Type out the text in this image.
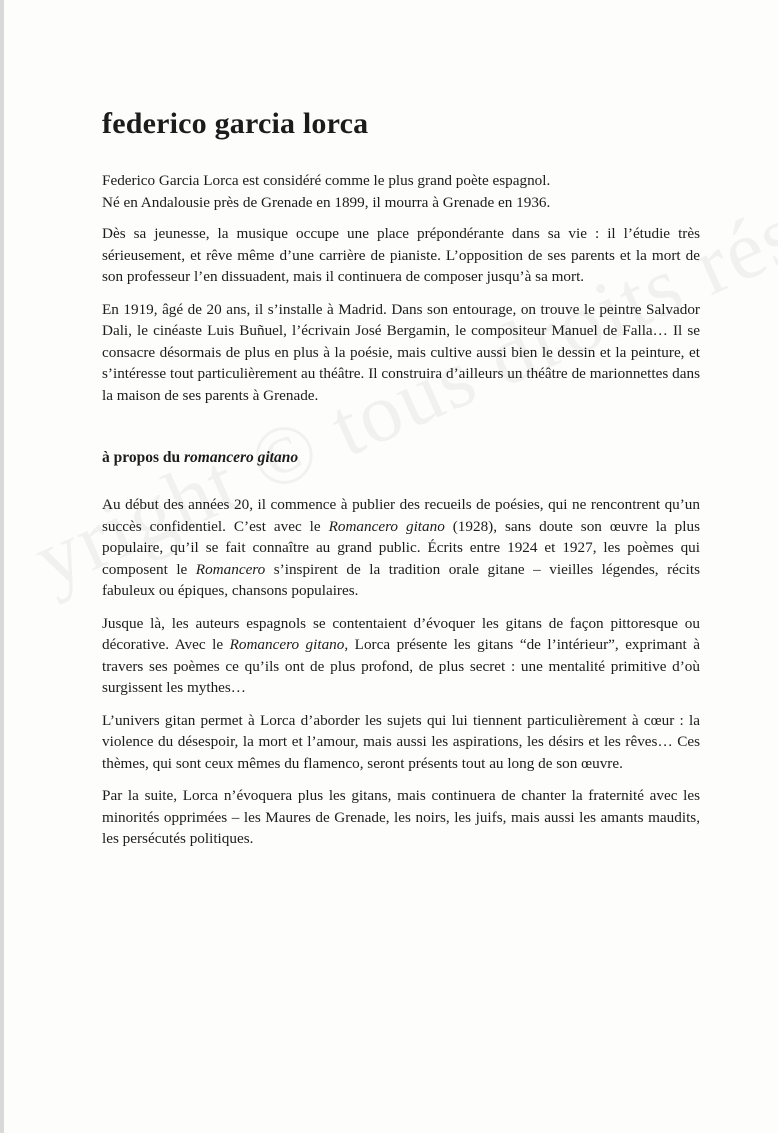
federico garcia lorca

Federico Garcia Lorca est considéré comme le plus grand poète espagnol.
Né en Andalousie près de Grenade en 1899, il mourra à Grenade en 1936.

Dès sa jeunesse, la musique occupe une place prépondérante dans sa vie : il l’étudie très sérieusement, et rêve même d’une carrière de pianiste. L’opposition de ses parents et la mort de son professeur l’en dissuadent, mais il continuera de composer jusqu’à sa mort.

En 1919, âgé de 20 ans, il s’installe à Madrid. Dans son entourage, on trouve le peintre Salvador Dali, le cinéaste Luis Buñuel, l’écrivain José Bergamin, le compositeur Manuel de Falla… Il se consacre désormais de plus en plus à la poésie, mais cultive aussi bien le dessin et la peinture, et s’intéresse tout particulièrement au théâtre. Il construira d’ailleurs un théâtre de marionnettes dans la maison de ses parents à Grenade.

à propos du romancero gitano

Au début des années 20, il commence à publier des recueils de poésies, qui ne rencontrent qu’un succès confidentiel. C’est avec le Romancero gitano (1928), sans doute son œuvre la plus populaire, qu’il se fait connaître au grand public. Écrits entre 1924 et 1927, les poèmes qui composent le Romancero s’inspirent de la tradition orale gitane – vieilles légendes, récits fabuleux ou épiques, chansons populaires.

Jusque là, les auteurs espagnols se contentaient d’évoquer les gitans de façon pittoresque ou décorative. Avec le Romancero gitano, Lorca présente les gitans “de l’intérieur”, exprimant à travers ses poèmes ce qu’ils ont de plus profond, de plus secret : une mentalité primitive d’où surgissent les mythes…

L’univers gitan permet à Lorca d’aborder les sujets qui lui tiennent particulièrement à cœur : la violence du désespoir, la mort et l’amour, mais aussi les aspirations, les désirs et les rêves… Ces thèmes, qui sont ceux mêmes du flamenco, seront présents tout au long de son œuvre.

Par la suite, Lorca n’évoquera plus les gitans, mais continuera de chanter la fraternité avec les minorités opprimées – les Maures de Grenade, les noirs, les juifs, mais aussi les amants maudits, les persécutés politiques.
